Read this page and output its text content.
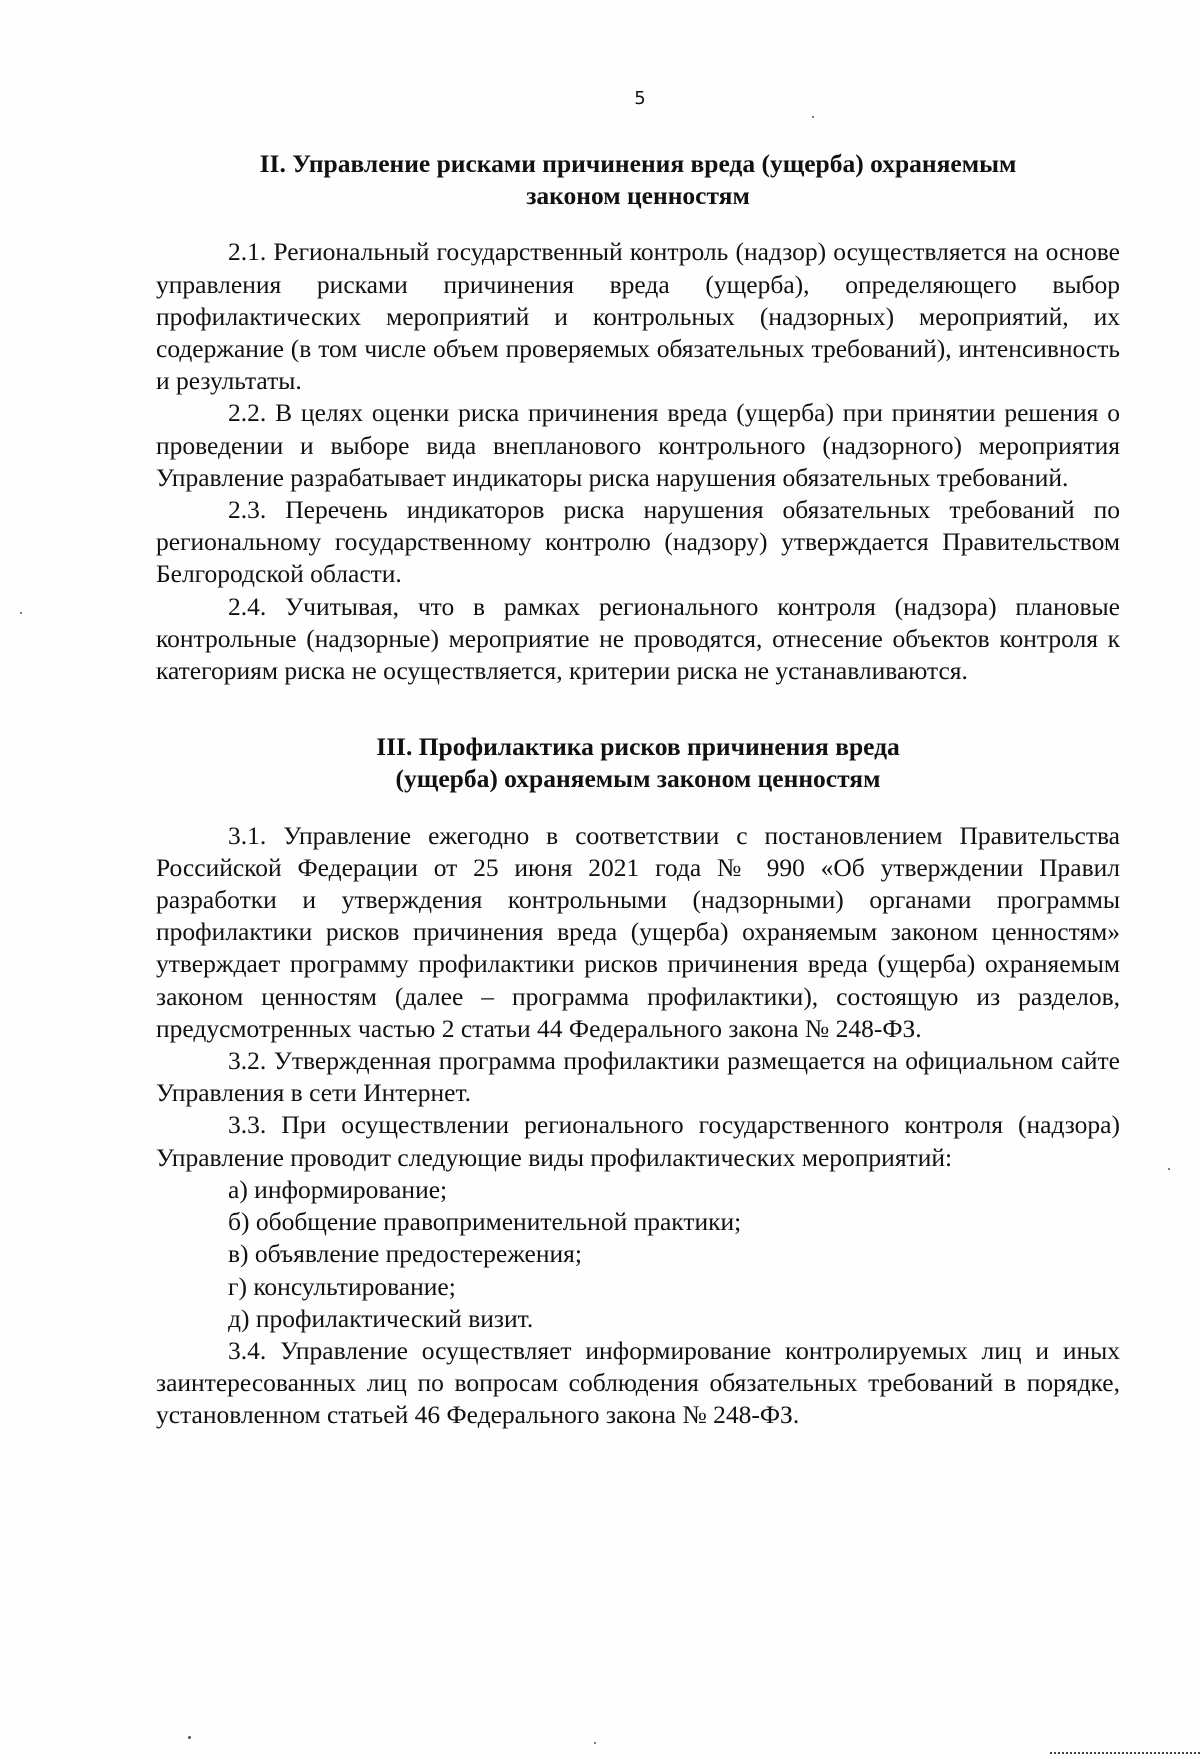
5
II. Управление рисками причинения вреда (ущерба) охраняемым
законом ценностям

2.1. Региональный государственный контроль (надзор) осуществляется на основе управления рисками причинения вреда (ущерба), определяющего выбор профилактических мероприятий и контрольных (надзорных) мероприятий, их содержание (в том числе объем проверяемых обязательных требований), интенсивность и результаты.

2.2. В целях оценки риска причинения вреда (ущерба) при принятии решения о проведении и выборе вида внепланового контрольного (надзорного) мероприятия Управление разрабатывает индикаторы риска нарушения обязательных требований.

2.3. Перечень индикаторов риска нарушения обязательных требований по региональному государственному контролю (надзору) утверждается Правительством Белгородской области.

2.4. Учитывая, что в рамках регионального контроля (надзора) плановые контрольные (надзорные) мероприятие не проводятся, отнесение объектов контроля к категориям риска не осуществляется, критерии риска не устанавливаются.

III. Профилактика рисков причинения вреда
(ущерба) охраняемым законом ценностям

3.1. Управление ежегодно в соответствии с постановлением Правительства Российской Федерации от 25 июня 2021 года № 990 «Об утверждении Правил разработки и утверждения контрольными (надзорными) органами программы профилактики рисков причинения вреда (ущерба) охраняемым законом ценностям» утверждает программу профилактики рисков причинения вреда (ущерба) охраняемым законом ценностям (далее – программа профилактики), состоящую из разделов, предусмотренных частью 2 статьи 44 Федерального закона № 248-ФЗ.

3.2. Утвержденная программа профилактики размещается на официальном сайте Управления в сети Интернет.

3.3. При осуществлении регионального государственного контроля (надзора) Управление проводит следующие виды профилактических мероприятий:

а) информирование;
б) обобщение правоприменительной практики;
в) объявление предостережения;
г) консультирование;
д) профилактический визит.

3.4. Управление осуществляет информирование контролируемых лиц и иных заинтересованных лиц по вопросам соблюдения обязательных требований в порядке, установленном статьей 46 Федерального закона № 248-ФЗ.
